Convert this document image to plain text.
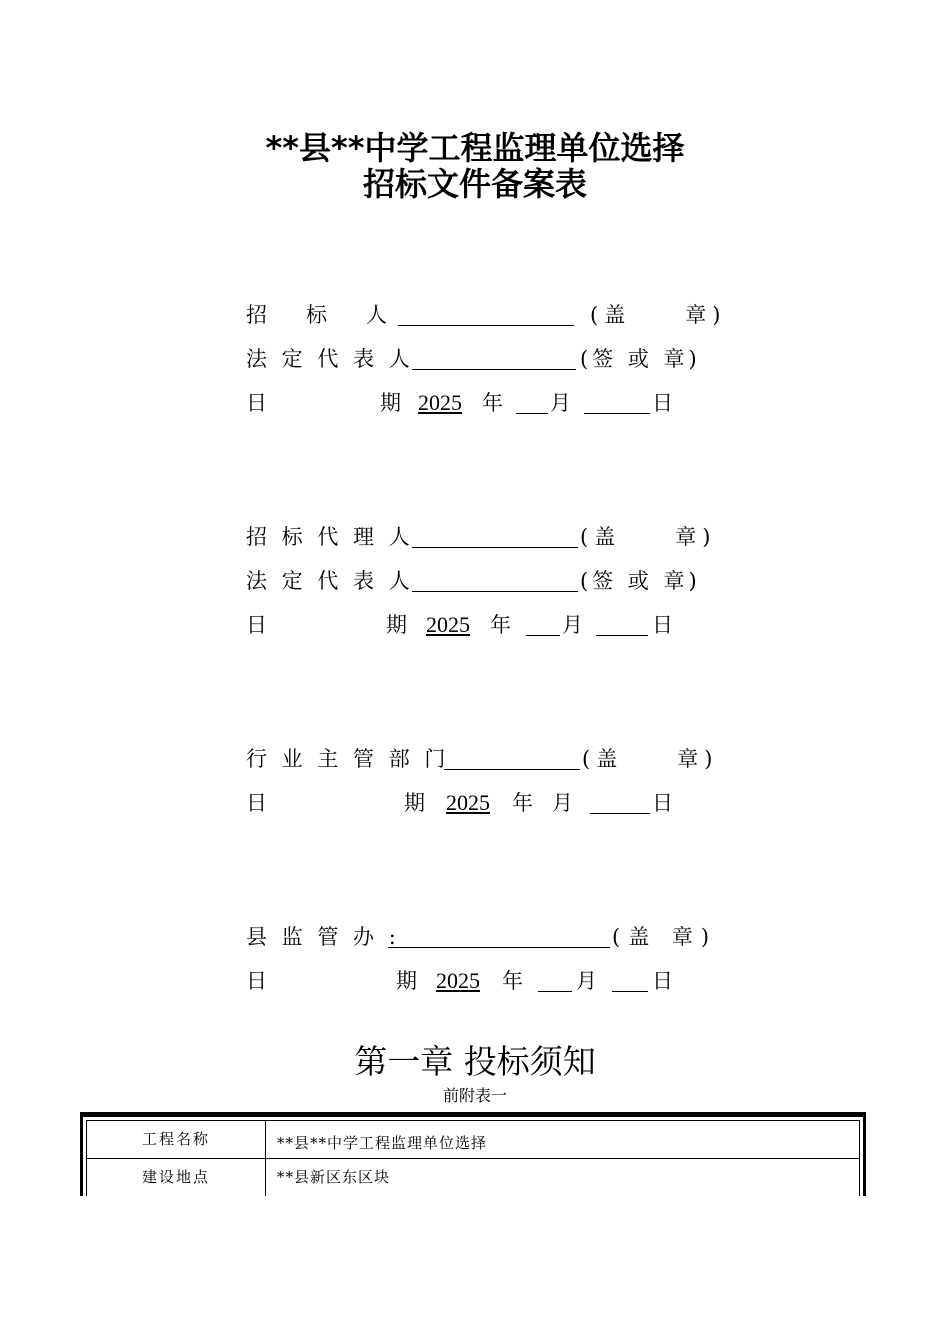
**县**中学工程监理单位选择
招标文件备案表
招 标 人	(盖　　章)
法 定 代 表 人	(签 或 章)
日	期 2025 年 月	日
招 标 代 理 人	(盖　　章)
法 定 代 表 人	(签 或 章)
日	期 2025 年 月	日
行 业 主 管 部 门	(盖　　章)
日	期 2025 年 月	日
县 监 管 办 :	(盖 章)
日	期 2025 年	月	日
第一章 投标须知
前附表一
工程名称	**县**中学工程监理单位选择
建设地点	**县新区东区块
